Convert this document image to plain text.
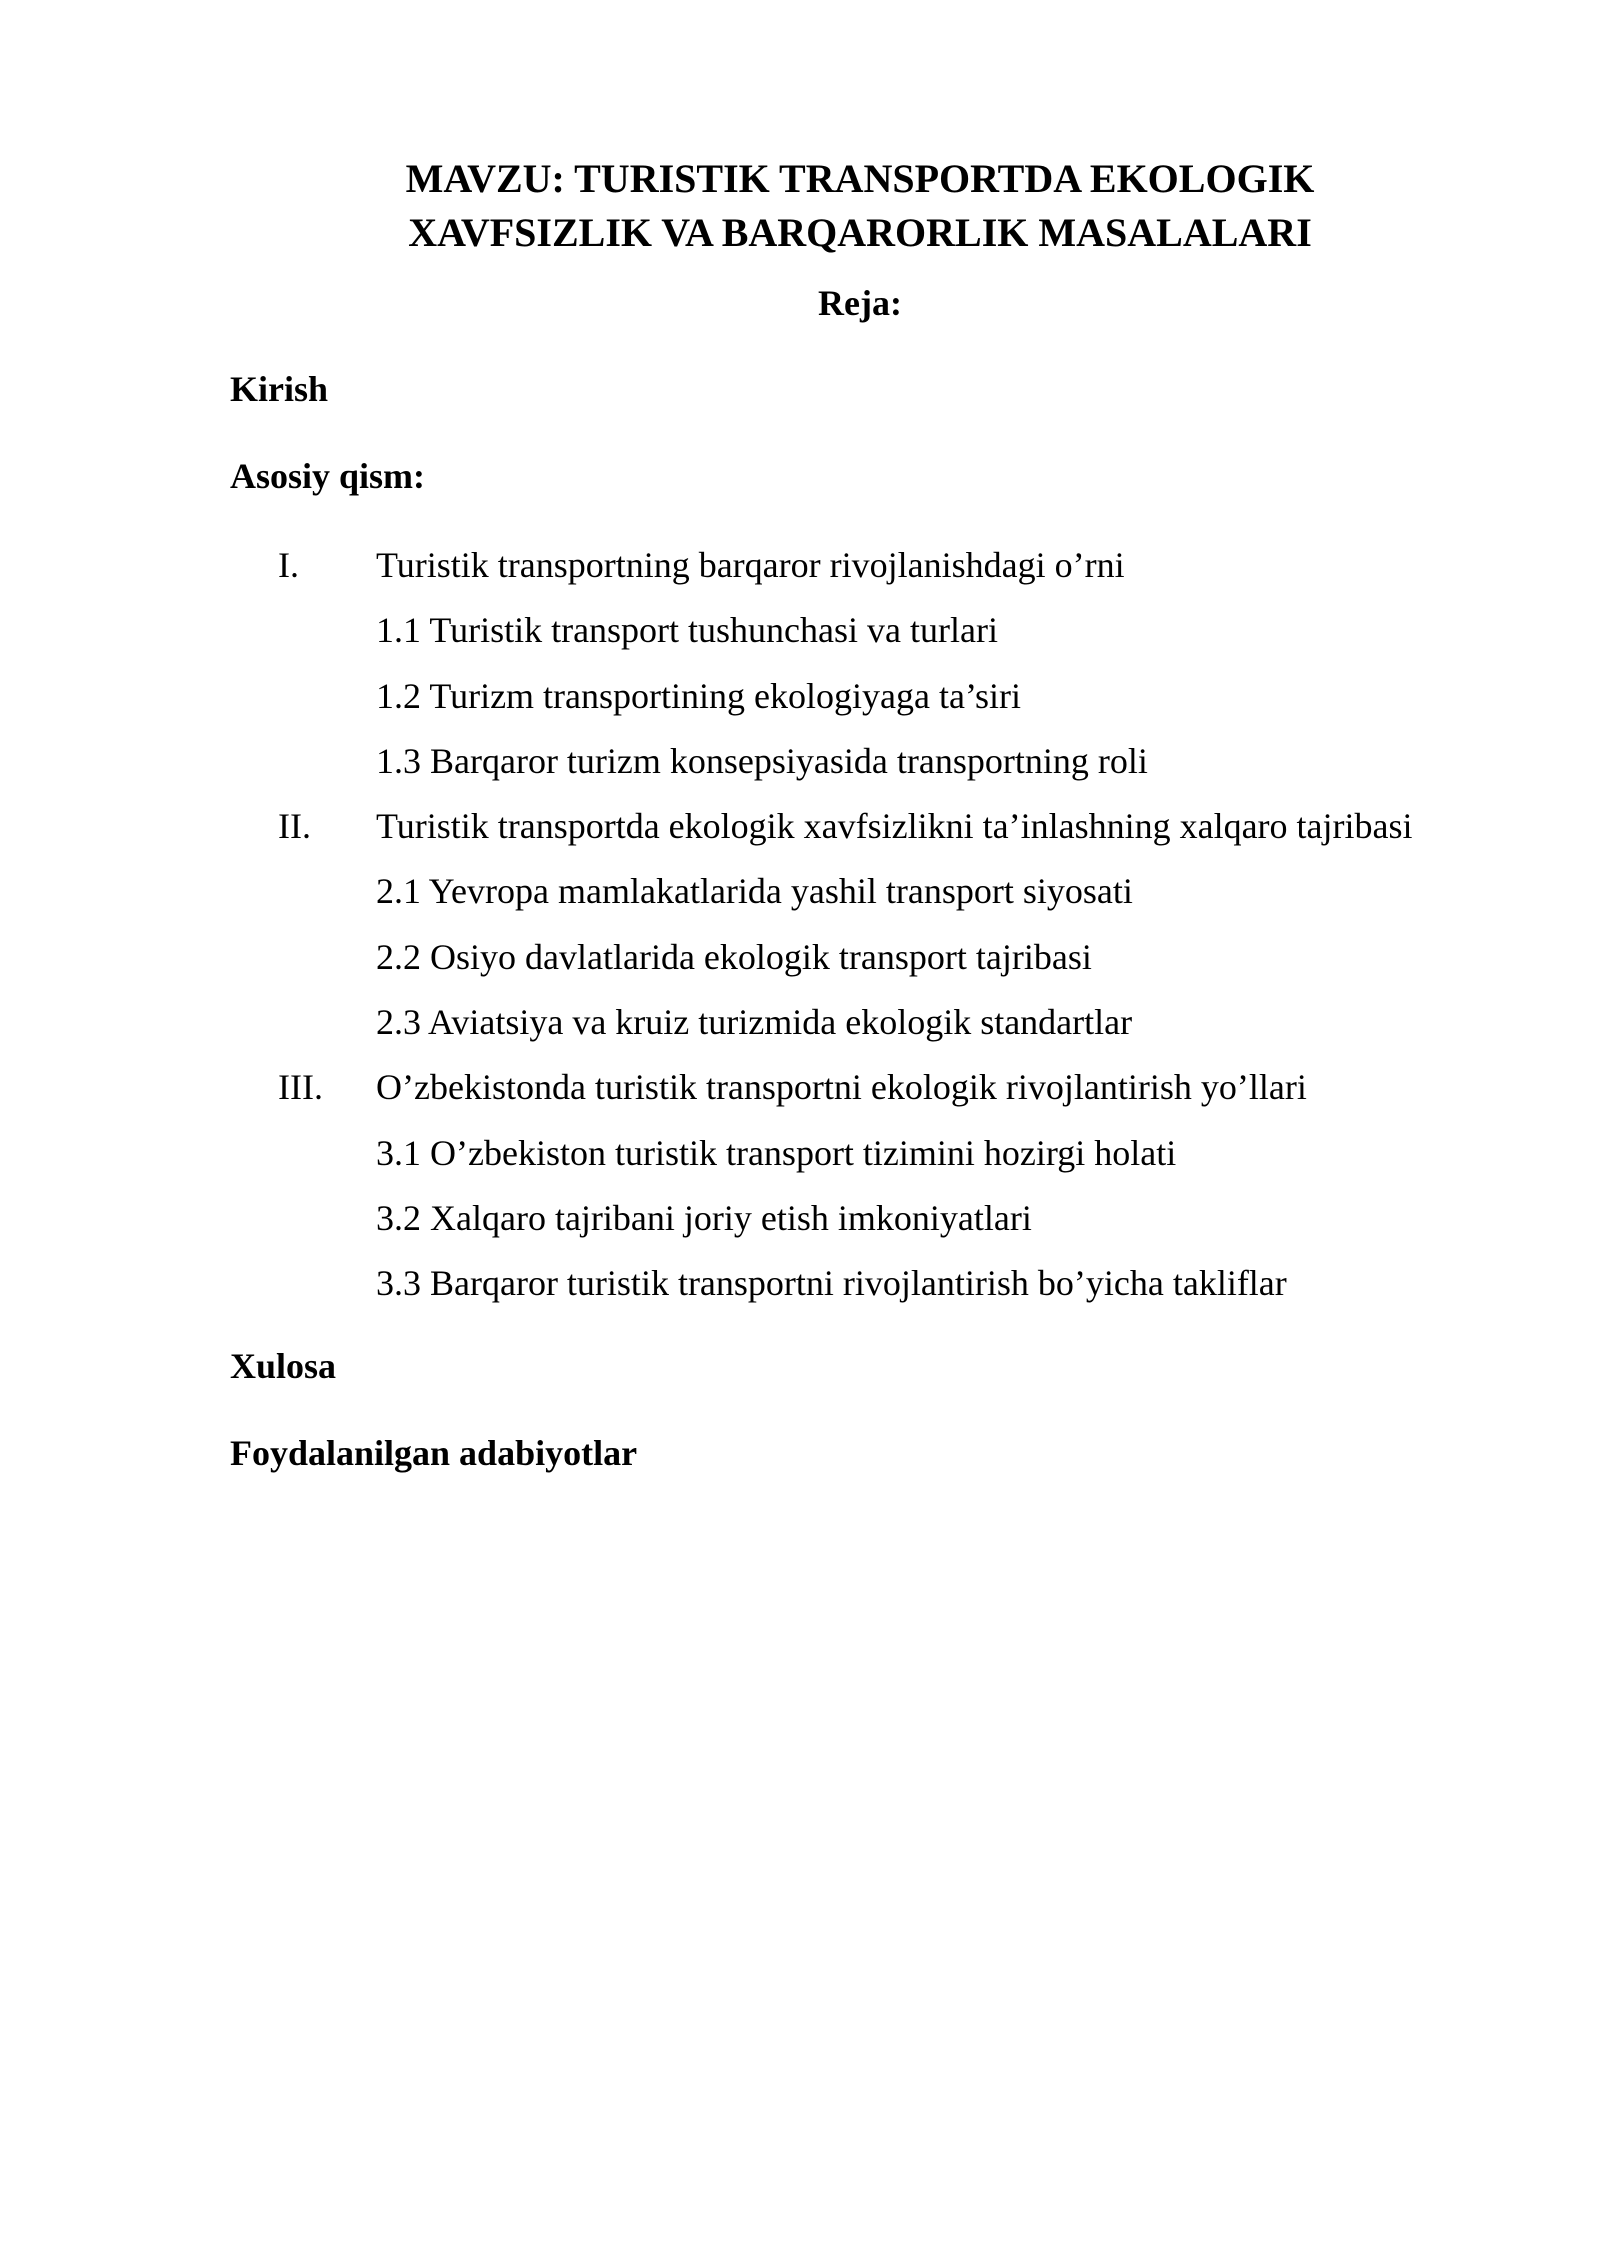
MAVZU: TURISTIK TRANSPORTDA EKOLOGIK
XAVFSIZLIK VA BARQARORLIK MASALALARI
Reja:
Kirish
Asosiy qism:
I. Turistik transportning barqaror rivojlanishdagi o’rni
1.1 Turistik transport tushunchasi va turlari
1.2 Turizm transportining ekologiyaga ta’siri
1.3 Barqaror turizm konsepsiyasida transportning roli
II. Turistik transportda ekologik xavfsizlikni ta’inlashning xalqaro tajribasi
2.1 Yevropa mamlakatlarida yashil transport siyosati
2.2 Osiyo davlatlarida ekologik transport tajribasi
2.3 Aviatsiya va kruiz turizmida ekologik standartlar
III. O’zbekistonda turistik transportni ekologik rivojlantirish yo’llari
3.1 O’zbekiston turistik transport tizimini hozirgi holati
3.2 Xalqaro tajribani joriy etish imkoniyatlari
3.3 Barqaror turistik transportni rivojlantirish bo’yicha takliflar
Xulosa
Foydalanilgan adabiyotlar
